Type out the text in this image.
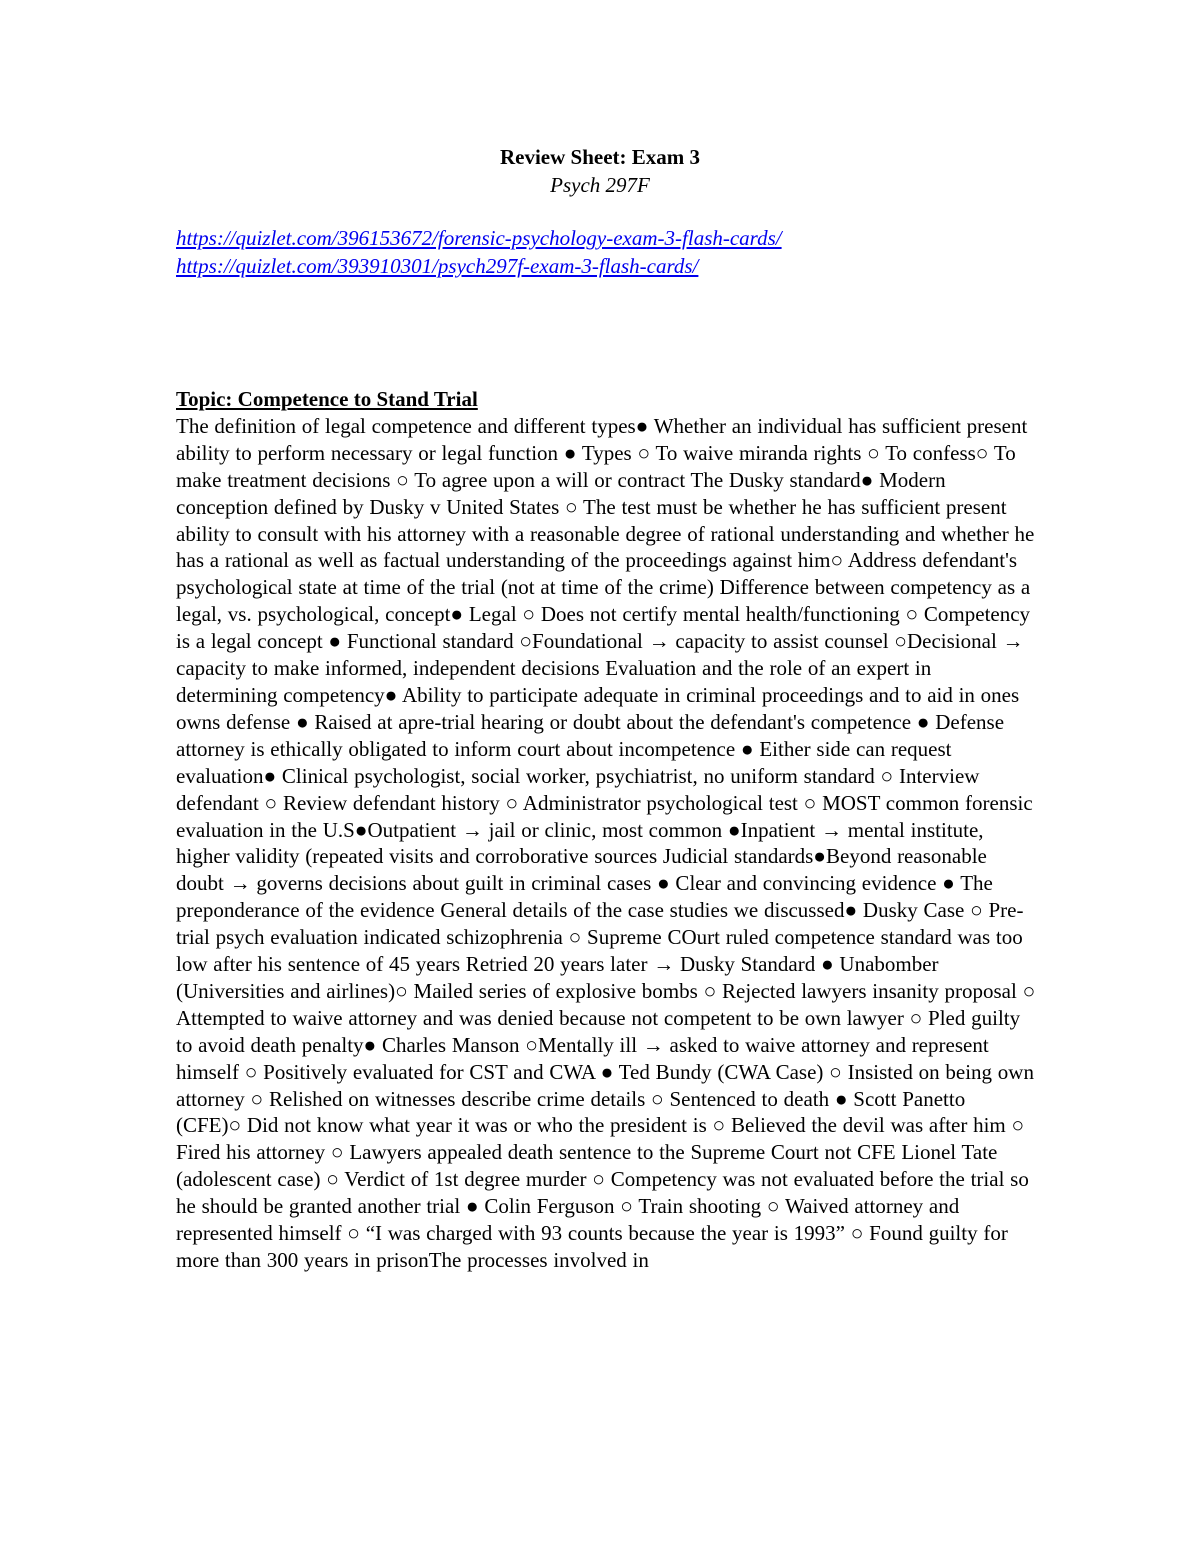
Review Sheet: Exam 3

Psych 297F

https://quizlet.com/396153672/forensic-psychology-exam-3-flash-cards/
https://quizlet.com/393910301/psych297f-exam-3-flash-cards/
Topic: Competence to Stand Trial
The definition of legal competence and different types● Whether an individual has sufficient present ability to perform necessary or legal function ● Types ○ To waive miranda rights ○ To confess○ To make treatment decisions ○ To agree upon a will or contract The Dusky standard● Modern conception defined by Dusky v United States ○ The test must be whether he has sufficient present ability to consult with his attorney with a reasonable degree of rational understanding and whether he has a rational as well as factual understanding of the proceedings against him○ Address defendant's psychological state at time of the trial (not at time of the crime) Difference between competency as a legal, vs. psychological, concept● Legal ○ Does not certify mental health/functioning ○ Competency is a legal concept ● Functional standard ○Foundational → capacity to assist counsel ○Decisional → capacity to make informed, independent decisions Evaluation and the role of an expert in determining competency● Ability to participate adequate in criminal proceedings and to aid in ones owns defense ● Raised at apre-trial hearing or doubt about the defendant's competence ● Defense attorney is ethically obligated to inform court about incompetence ● Either side can request evaluation● Clinical psychologist, social worker, psychiatrist, no uniform standard ○ Interview defendant ○ Review defendant history ○ Administrator psychological test ○ MOST common forensic evaluation in the U.S●Outpatient → jail or clinic, most common ●Inpatient → mental institute, higher validity (repeated visits and corroborative sources Judicial standards●Beyond reasonable doubt → governs decisions about guilt in criminal cases ● Clear and convincing evidence ● The preponderance of the evidence General details of the case studies we discussed● Dusky Case ○ Pre-trial psych evaluation indicated schizophrenia ○ Supreme COurt ruled competence standard was too low after his sentence of 45 years Retried 20 years later → Dusky Standard ● Unabomber (Universities and airlines)○ Mailed series of explosive bombs ○ Rejected lawyers insanity proposal ○ Attempted to waive attorney and was denied because not competent to be own lawyer ○ Pled guilty to avoid death penalty● Charles Manson ○Mentally ill → asked to waive attorney and represent himself ○ Positively evaluated for CST and CWA ● Ted Bundy (CWA Case) ○ Insisted on being own attorney ○ Relished on witnesses describe crime details ○ Sentenced to death ● Scott Panetto (CFE)○ Did not know what year it was or who the president is ○ Believed the devil was after him ○ Fired his attorney ○ Lawyers appealed death sentence to the Supreme Court not CFE Lionel Tate (adolescent case) ○ Verdict of 1st degree murder ○ Competency was not evaluated before the trial so he should be granted another trial ● Colin Ferguson ○ Train shooting ○ Waived attorney and represented himself ○ “I was charged with 93 counts because the year is 1993” ○ Found guilty for more than 300 years in prisonThe processes involved in
